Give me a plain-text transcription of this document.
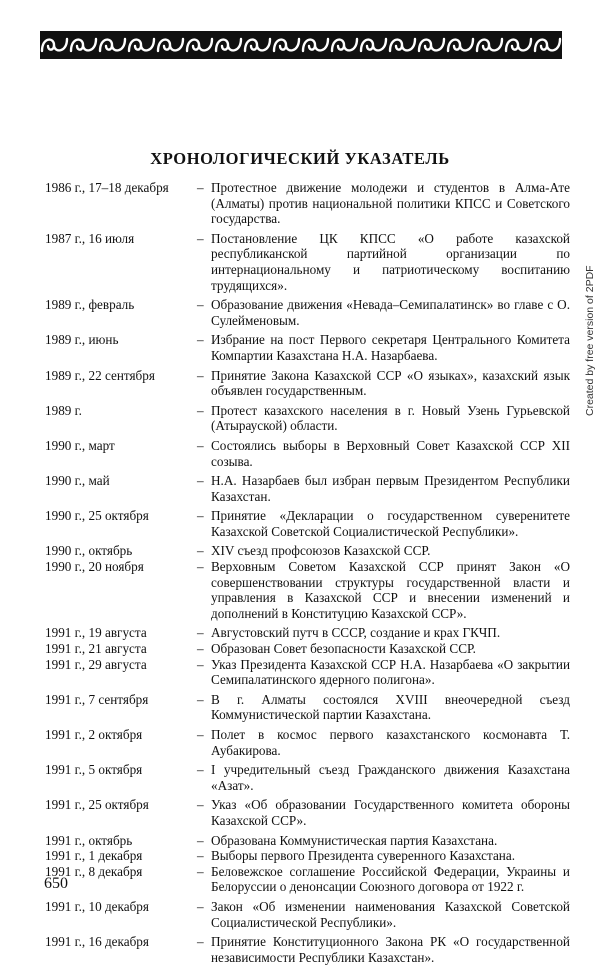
Created by free version of 2PDF
ХРОНОЛОГИЧЕСКИЙ УКАЗАТЕЛЬ
1986 г., 17–18 декабря	– Протестное движение молодежи и студентов в Алма-Ате (Алматы) против национальной политики КПСС и Советского государства.
1987 г., 16 июля	– Постановление ЦК КПСС «О работе казахской республиканской партийной организации по интернациональному и патриотическому воспитанию трудящихся».
1989 г., февраль	– Образование движения «Невада–Семипалатинск» во главе с О. Сулейменовым.
1989 г., июнь	– Избрание на пост Первого секретаря Центрального Комитета Компартии Казахстана Н.А. Назарбаева.
1989 г., 22 сентября	– Принятие Закона Казахской ССР «О языках», казахский язык объявлен государственным.
1989 г.	– Протест казахского населения в г. Новый Узень Гурьевской (Атырауской) области.
1990 г., март	– Состоялись выборы в Верховный Совет Казахской ССР XII созыва.
1990 г., май	– Н.А. Назарбаев был избран первым Президентом Республики Казахстан.
1990 г., 25 октября	– Принятие «Декларации о государственном суверенитете Казахской Советской Социалистической Республики».
1990 г., октябрь	– XIV съезд профсоюзов Казахской ССР.
1990 г., 20 ноября	– Верховным Советом Казахской ССР принят Закон «О совершенствовании структуры государственной власти и управления в Казахской ССР и внесении изменений и дополнений в Конституцию Казахской ССР».
1991 г., 19 августа	– Августовский путч в СССР, создание и крах ГКЧП.
1991 г., 21 августа	– Образован Совет безопасности Казахской ССР.
1991 г., 29 августа	– Указ Президента Казахской ССР Н.А. Назарбаева «О закрытии Семипалатинского ядерного полигона».
1991 г., 7 сентября	– В г. Алматы состоялся XVIII внеочередной съезд Коммунистической партии Казахстана.
1991 г., 2 октября	– Полет в космос первого казахстанского космонавта Т. Аубакирова.
1991 г., 5 октября	– I учредительный съезд Гражданского движения Казахстана «Азат».
1991 г., 25 октября	– Указ «Об образовании Государственного комитета обороны Казахской ССР».
1991 г., октябрь	– Образована Коммунистическая партия Казахстана.
1991 г., 1 декабря	– Выборы первого Президента суверенного Казахстана.
1991 г., 8 декабря	– Беловежское соглашение Российской Федерации, Украины и Белоруссии о денонсации Союзного договора от 1922 г.
1991 г., 10 декабря	– Закон «Об изменении наименования Казахской Советской Социалистической Республики».
1991 г., 16 декабря	– Принятие Конституционного Закона РК «О государственной независимости Республики Казахстан».
650
